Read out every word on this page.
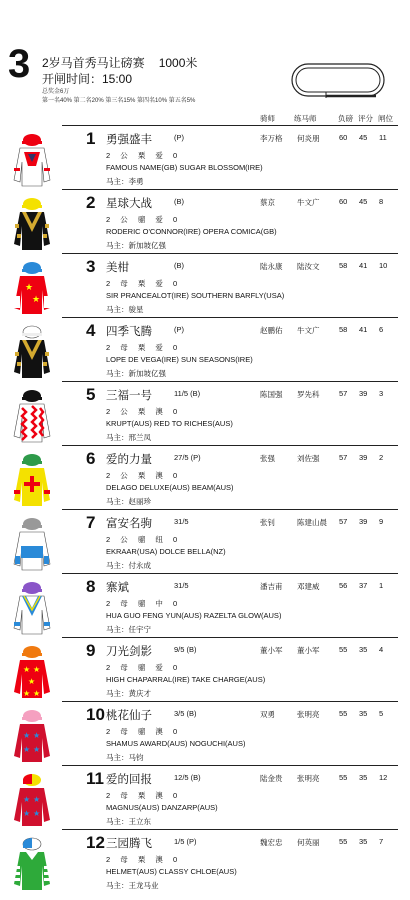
3 2岁马首秀马让磅赛 1000米
开闸时间：15:00
总奖金6万
第一名40% 第二名20% 第三名15% 第四名10% 第五名5%
骑师	练马师	负磅 评分 闸位
1 勇强盛丰	(P)	李万格 何炎朋	60 45 11
2 公 栗 爱 0
FAMOUS NAME(GB) SUGAR BLOSSOM(IRE)
马主：李勇
2 星球大战	(B)	蔡京	牛文广	60 45 8
2 公 骝 爱 0
RODERIC O'CONNOR(IRE) OPERA COMICA(GB)
马主：新加坡亿强
★
★
3 美柑	(B)	陆永康 陆汝文	58 41 10
2 母 栗 爱 0
SIR PRANCEALOT(IRE) SOUTHERN BARFLY(USA)
马主：骏星
4 四季飞腾	(P)	赵鹏佑 牛文广	58 41 6
2 母 栗 爱 0
LOPE DE VEGA(IRE) SUN SEASONS(IRE)
马主：新加坡亿强
5 三福一号	11/5 (B)	陈国强 罗先科	57 39 3
2 公 栗 澳 0
KRUPT(AUS) RED TO RICHES(AUS)
马主：邢兰凤
6 爱的力量	27/5 (P)	张强	刘佐强	57 39 2
2 公 栗 澳 0
DELAGO DELUXE(AUS) BEAM(AUS)
马主：赵丽珍
7 富安名驹	31/5	张钊	陈建山晨 57 39 9
2 公 骝 纽 0
EKRAAR(USA) DOLCE BELLA(NZ)
马主：付永成
8 寨斌	31/5	潘吉甫 邓建威	56 37 1
2 母 骝 中 0
HUA GUO FENG YUN(AUS) RAZELTA GLOW(AUS)
马主：任宇宁
★ ★
★
★ ★
9 刀光剑影	9/5 (B)	董小军 董小军	55 35 4
2 母 骝 爱 0
HIGH CHAPARRAL(IRE) TAKE CHARGE(AUS)
马主：黄庆才
★ ★
★ ★
10 桃花仙子	3/5 (B)	双勇	张明亮	55 35 5
2 母 骝 澳 0
SHAMUS AWARD(AUS) NOGUCHI(AUS)
马主：马钧
★ ★
★ ★
11 爱的回报	12/5 (B)	陆金贵 张明亮	55 35 12
2 母 栗 澳 0
MAGNUS(AUS) DANZARP(AUS)
马主：王立东
12 三园腾飞	1/5 (P)	魏宏忠 何英丽	55 35 7
2 母 栗 澳 0
HELMET(AUS) CLASSY CHLOE(AUS)
马主：王龙马业
